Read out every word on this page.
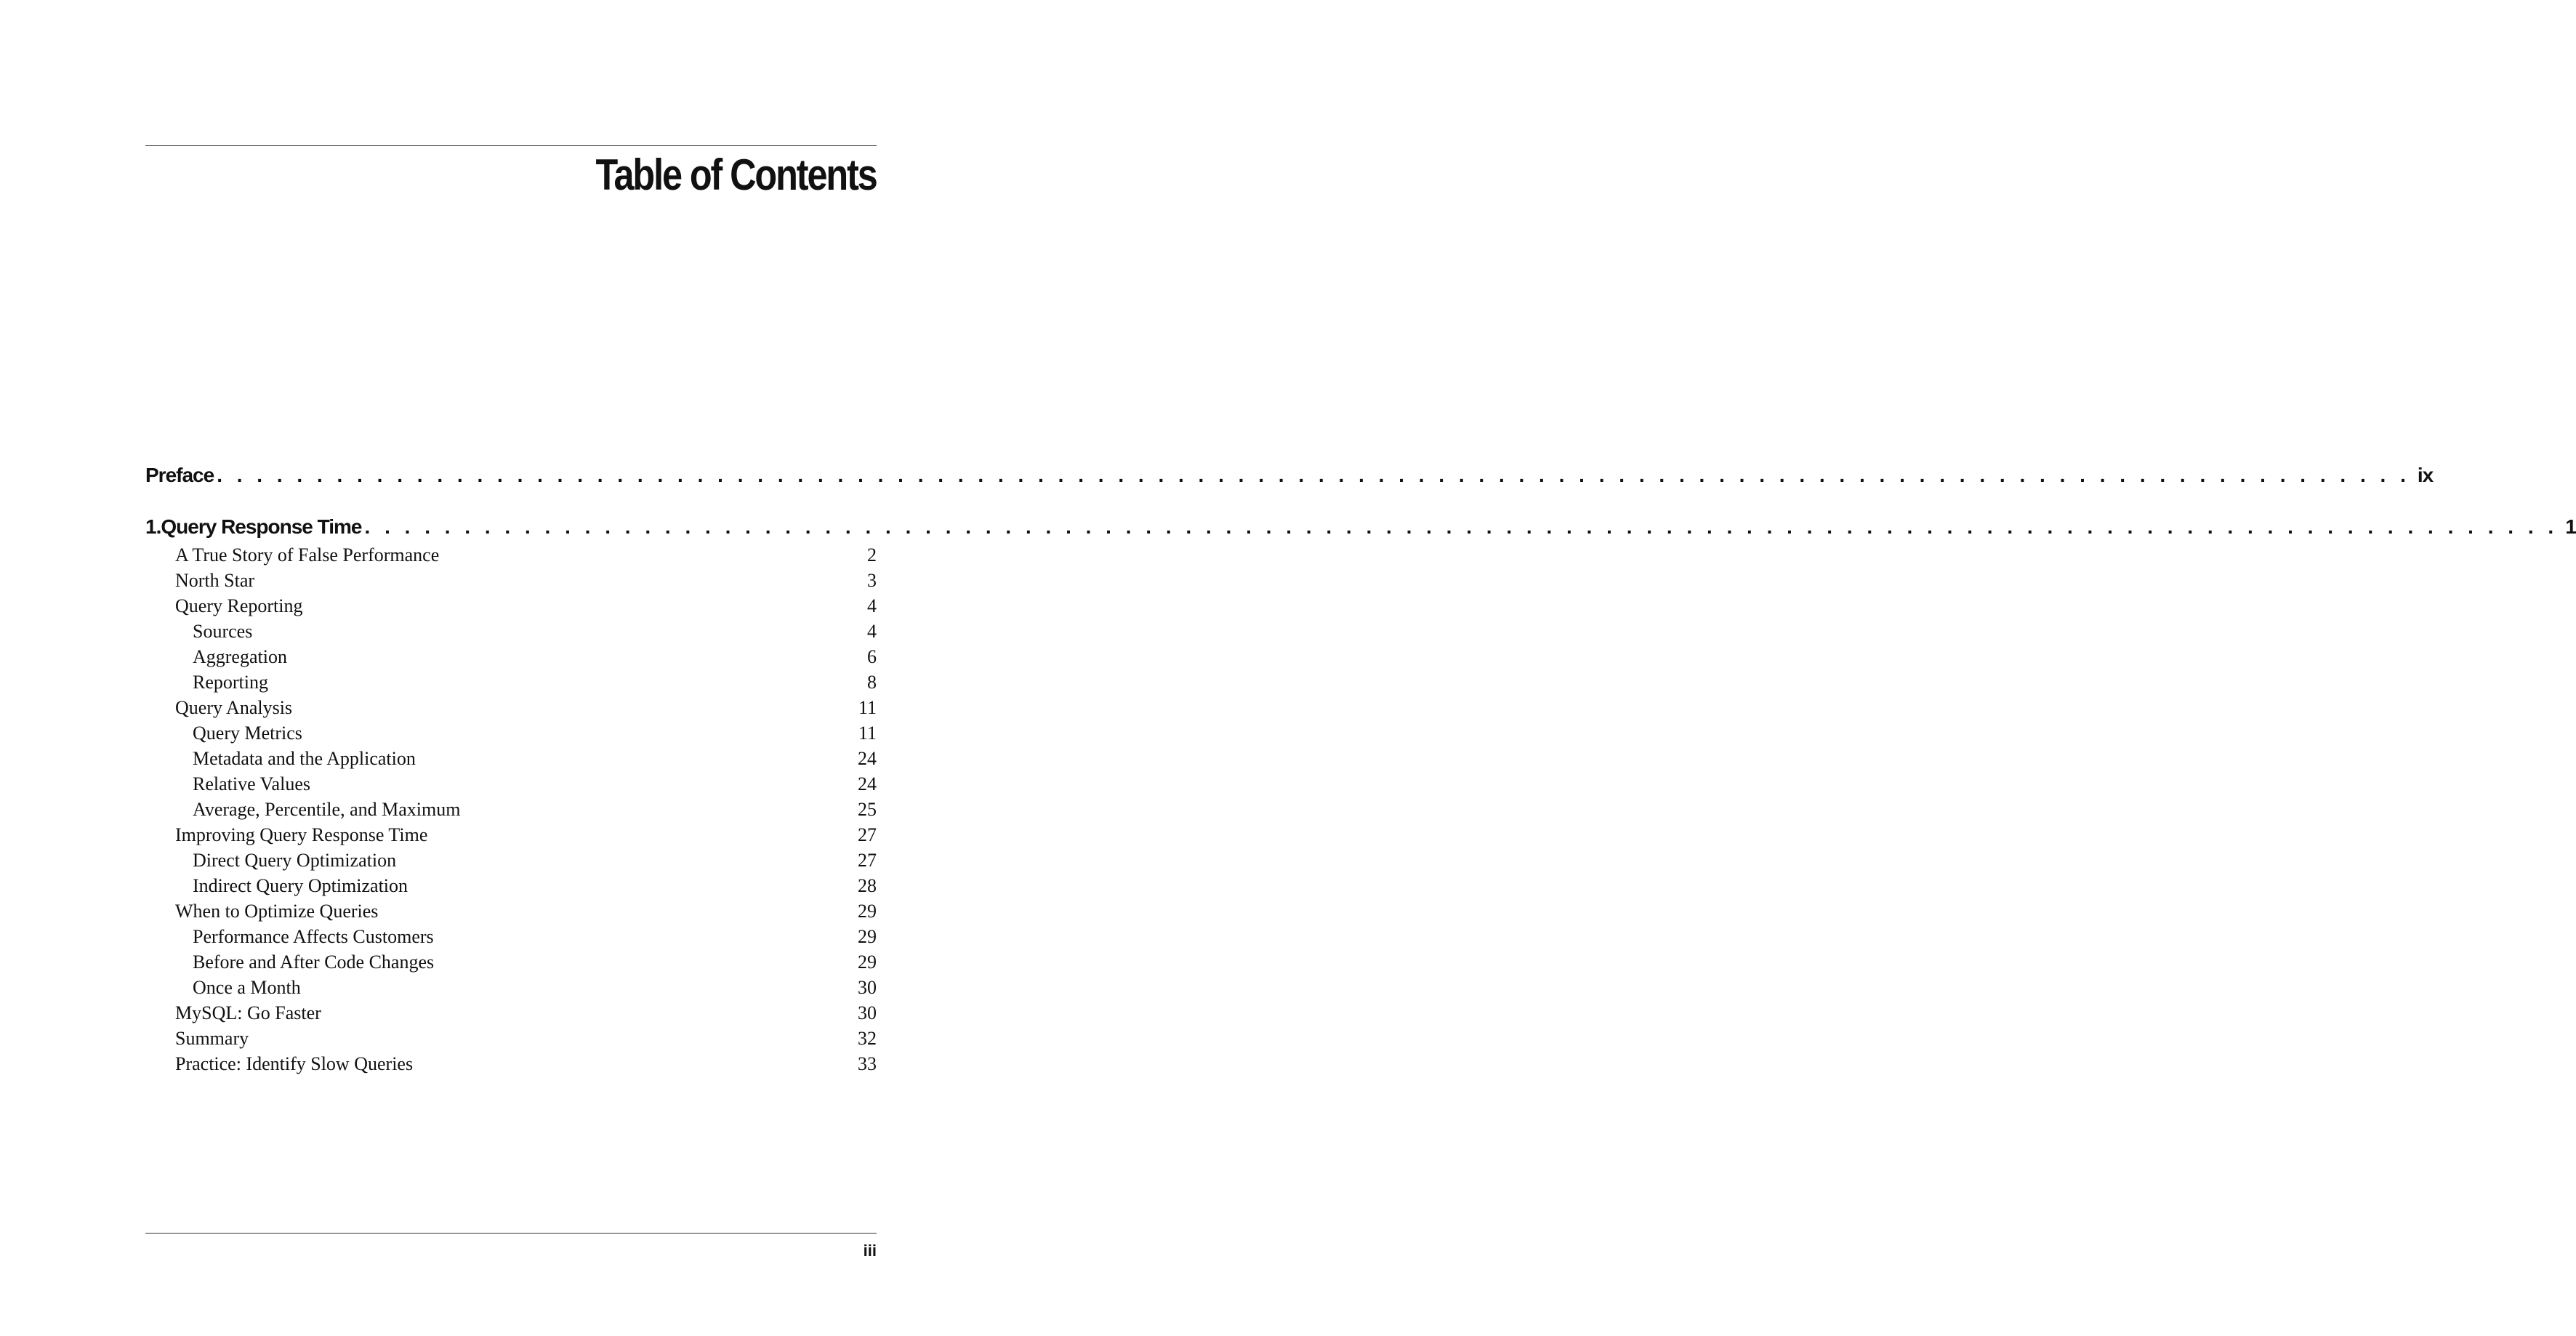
Table of Contents
Preface . . . . . . . . . . . . . . . . . . . . . . . . . . . . . . . . . . . . . . . . . . . . . . . . . . . . . . . . . . . . . . . . . . . . . . . . . . . . . . . . . . . . . . . . . . . . . . . . . . . . . . . . . . . . . . ix
1. Query Response Time . . . . . . . . . . . . . . . . . . . . . . . . . . . . . . . . . . . . . . . . . . . . . . . . . . . . . . . . . . . . . . . . . . . . . . . . . . . . . . . . . . . . . . . . . . . . . . . . . . . . . . . . . . . . . . 1
A True Story of False Performance	2
North Star	3
Query Reporting	4
Sources	4
Aggregation	6
Reporting	8
Query Analysis	11
Query Metrics	11
Metadata and the Application	24
Relative Values	24
Average, Percentile, and Maximum	25
Improving Query Response Time	27
Direct Query Optimization	27
Indirect Query Optimization	28
When to Optimize Queries	29
Performance Affects Customers	29
Before and After Code Changes	29
Once a Month	30
MySQL: Go Faster	30
Summary	32
Practice: Identify Slow Queries	33
iii
